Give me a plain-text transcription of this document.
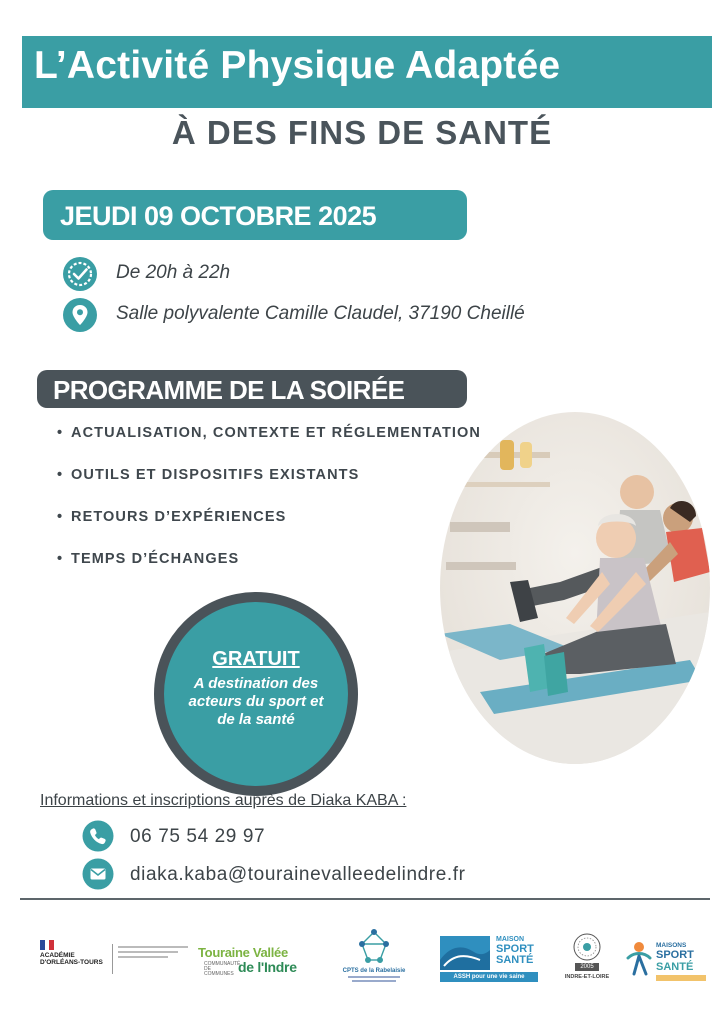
L’Activité Physique Adaptée
À DES FINS DE SANTÉ
JEUDI 09 OCTOBRE 2025
De 20h à 22h
Salle polyvalente Camille Claudel, 37190 Cheillé
PROGRAMME DE LA SOIRÉE
• ACTUALISATION, CONTEXTE ET RÉGLEMENTATION
• OUTILS ET DISPOSITIFS EXISTANTS
• RETOURS D’EXPÉRIENCES
• TEMPS D’ÉCHANGES
GRATUIT
A destination des
acteurs du sport et
de la santé
Informations et inscriptions auprès de Diaka KABA :
06 75 54 29 97
diaka.kaba@tourainevalleedelindre.fr
ACADÉMIE
D'ORLÉANS-TOURS
Touraine Vallée
COMMUNAUTÉ DE COMMUNES de l'Indre	CPTS de la Rabelaisie
MAISON
SPORT
SANTÉ
ASSH pour une vie saine
2005
INDRE-ET-LOIRE
MAISONS
SPORT
SANTÉ
